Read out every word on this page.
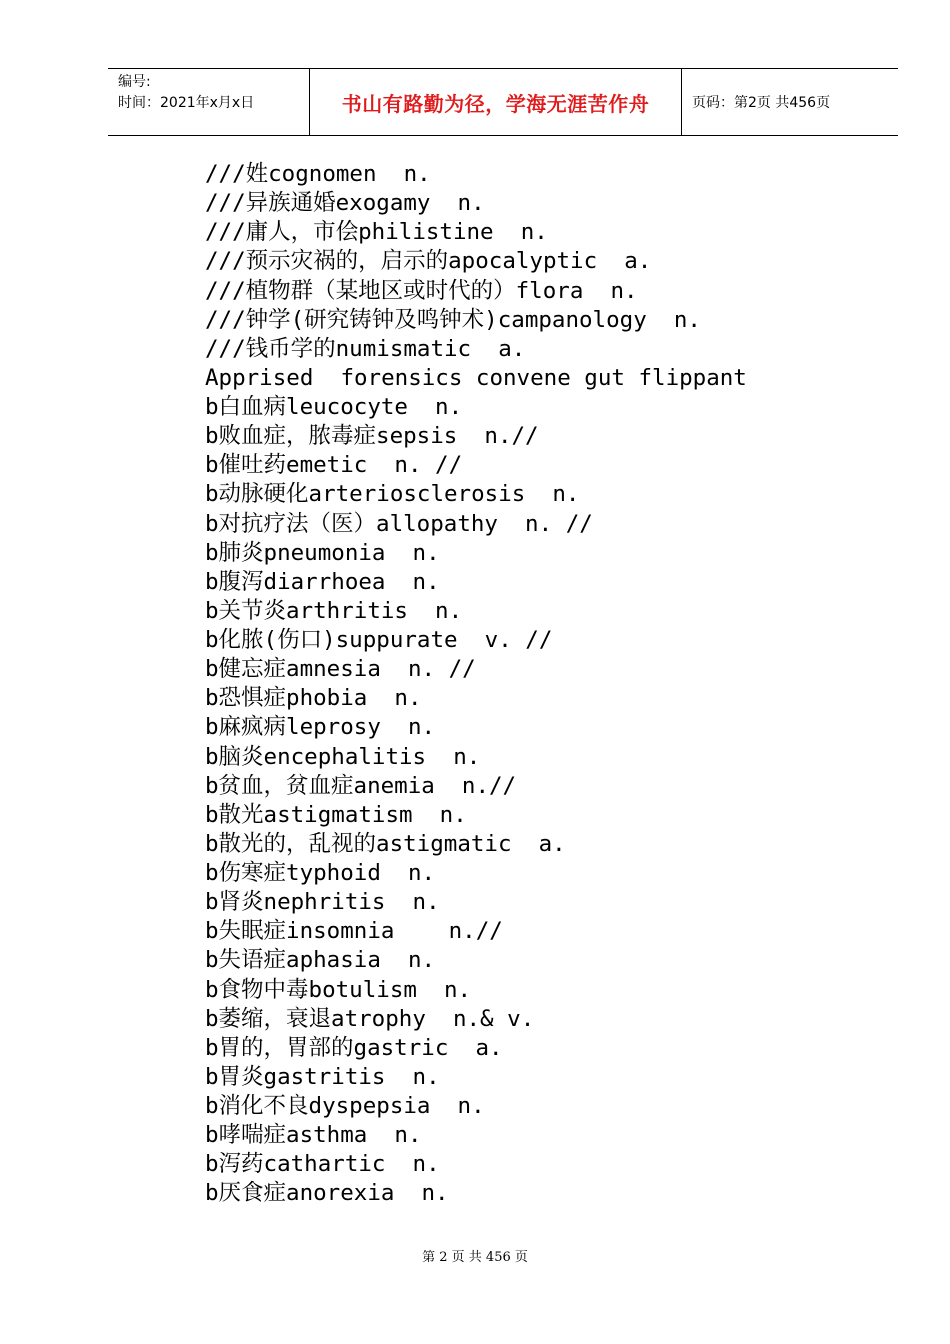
编号:
时间：2021年x月x日	书山有路勤为径，学海无涯苦作舟	页码：第2页 共456页
///姓cognomen  n.
///异族通婚exogamy  n.
///庸人，市侩philistine  n.
///预示灾祸的，启示的apocalyptic  a.
///植物群（某地区或时代的）flora  n.
///钟学(研究铸钟及鸣钟术)campanology  n.
///钱币学的numismatic  a.
Apprised  forensics convene gut flippant
b白血病leucocyte  n.
b败血症，脓毒症sepsis  n.//
b催吐药emetic  n. //
b动脉硬化arteriosclerosis  n.
b对抗疗法（医）allopathy  n. //
b肺炎pneumonia  n.
b腹泻diarrhoea  n.
b关节炎arthritis  n.
b化脓(伤口)suppurate  v. //
b健忘症amnesia  n. //
b恐惧症phobia  n.
b麻疯病leprosy  n.
b脑炎encephalitis  n.
b贫血，贫血症anemia  n.//
b散光astigmatism  n.
b散光的，乱视的astigmatic  a.
b伤寒症typhoid  n.
b肾炎nephritis  n.
b失眠症insomnia    n.//
b失语症aphasia  n.
b食物中毒botulism  n.
b萎缩，衰退atrophy  n.& v.
b胃的，胃部的gastric  a.
b胃炎gastritis  n.
b消化不良dyspepsia  n.
b哮喘症asthma  n.
b泻药cathartic  n.
b厌食症anorexia  n.
第 2 页 共 456 页
